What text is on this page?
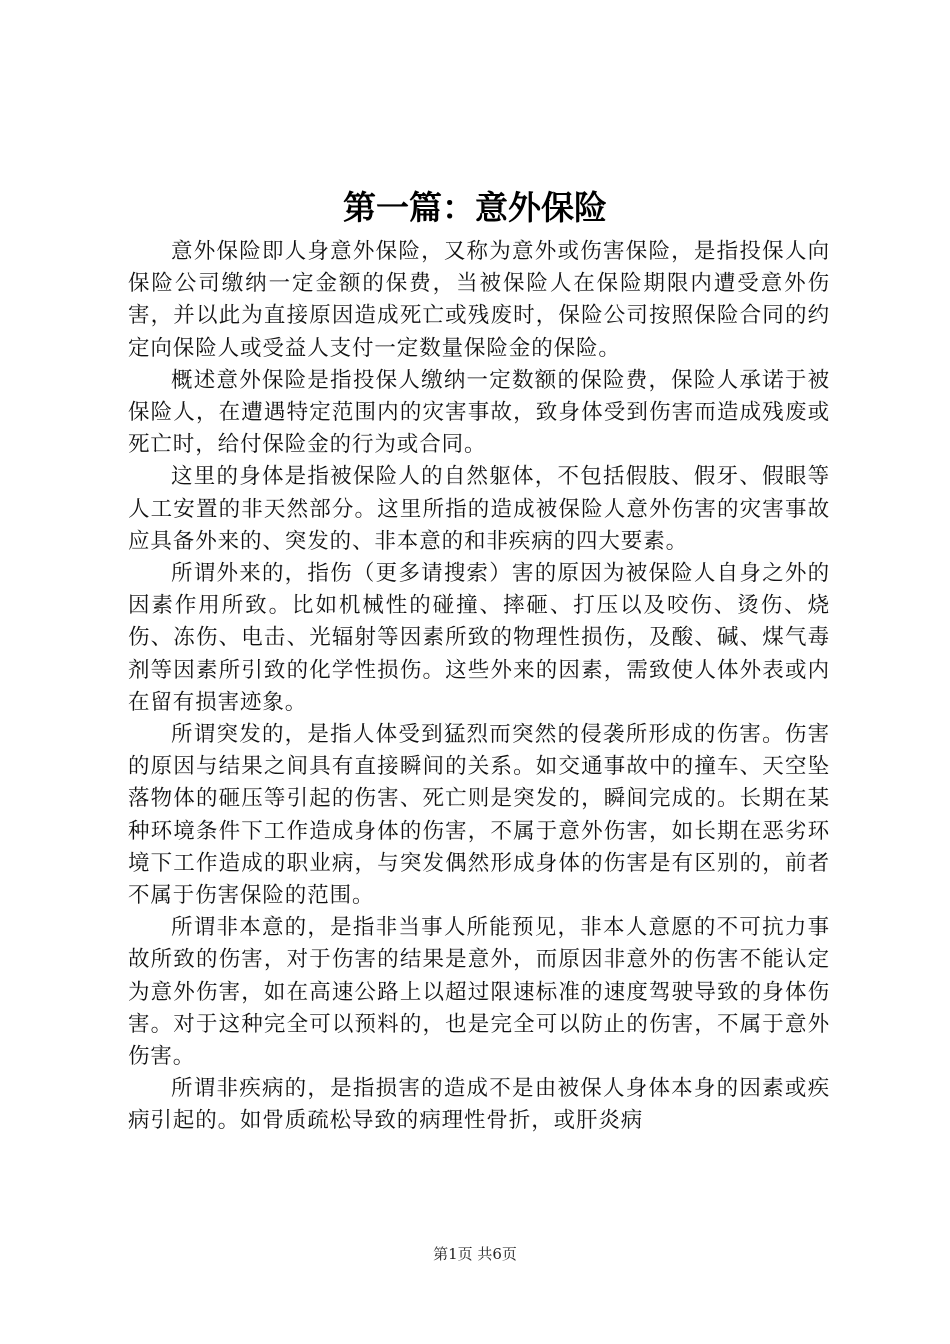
第一篇：意外保险

意外保险即人身意外保险，又称为意外或伤害保险，是指投保人向保险公司缴纳一定金额的保费，当被保险人在保险期限内遭受意外伤害，并以此为直接原因造成死亡或残废时，保险公司按照保险合同的约定向保险人或受益人支付一定数量保险金的保险。

概述意外保险是指投保人缴纳一定数额的保险费，保险人承诺于被保险人，在遭遇特定范围内的灾害事故，致身体受到伤害而造成残废或死亡时，给付保险金的行为或合同。

这里的身体是指被保险人的自然躯体，不包括假肢、假牙、假眼等人工安置的非天然部分。这里所指的造成被保险人意外伤害的灾害事故应具备外来的、突发的、非本意的和非疾病的四大要素。

所谓外来的，指伤（更多请搜索）害的原因为被保险人自身之外的因素作用所致。比如机械性的碰撞、摔砸、打压以及咬伤、烫伤、烧伤、冻伤、电击、光辐射等因素所致的物理性损伤，及酸、碱、煤气毒剂等因素所引致的化学性损伤。这些外来的因素，需致使人体外表或内在留有损害迹象。

所谓突发的，是指人体受到猛烈而突然的侵袭所形成的伤害。伤害的原因与结果之间具有直接瞬间的关系。如交通事故中的撞车、天空坠落物体的砸压等引起的伤害、死亡则是突发的，瞬间完成的。长期在某种环境条件下工作造成身体的伤害，不属于意外伤害，如长期在恶劣环境下工作造成的职业病，与突发偶然形成身体的伤害是有区别的，前者不属于伤害保险的范围。

所谓非本意的，是指非当事人所能预见，非本人意愿的不可抗力事故所致的伤害，对于伤害的结果是意外，而原因非意外的伤害不能认定为意外伤害，如在高速公路上以超过限速标准的速度驾驶导致的身体伤害。对于这种完全可以预料的，也是完全可以防止的伤害，不属于意外伤害。

所谓非疾病的，是指损害的造成不是由被保人身体本身的因素或疾病引起的。如骨质疏松导致的病理性骨折，或肝炎病

第1页 共6页
